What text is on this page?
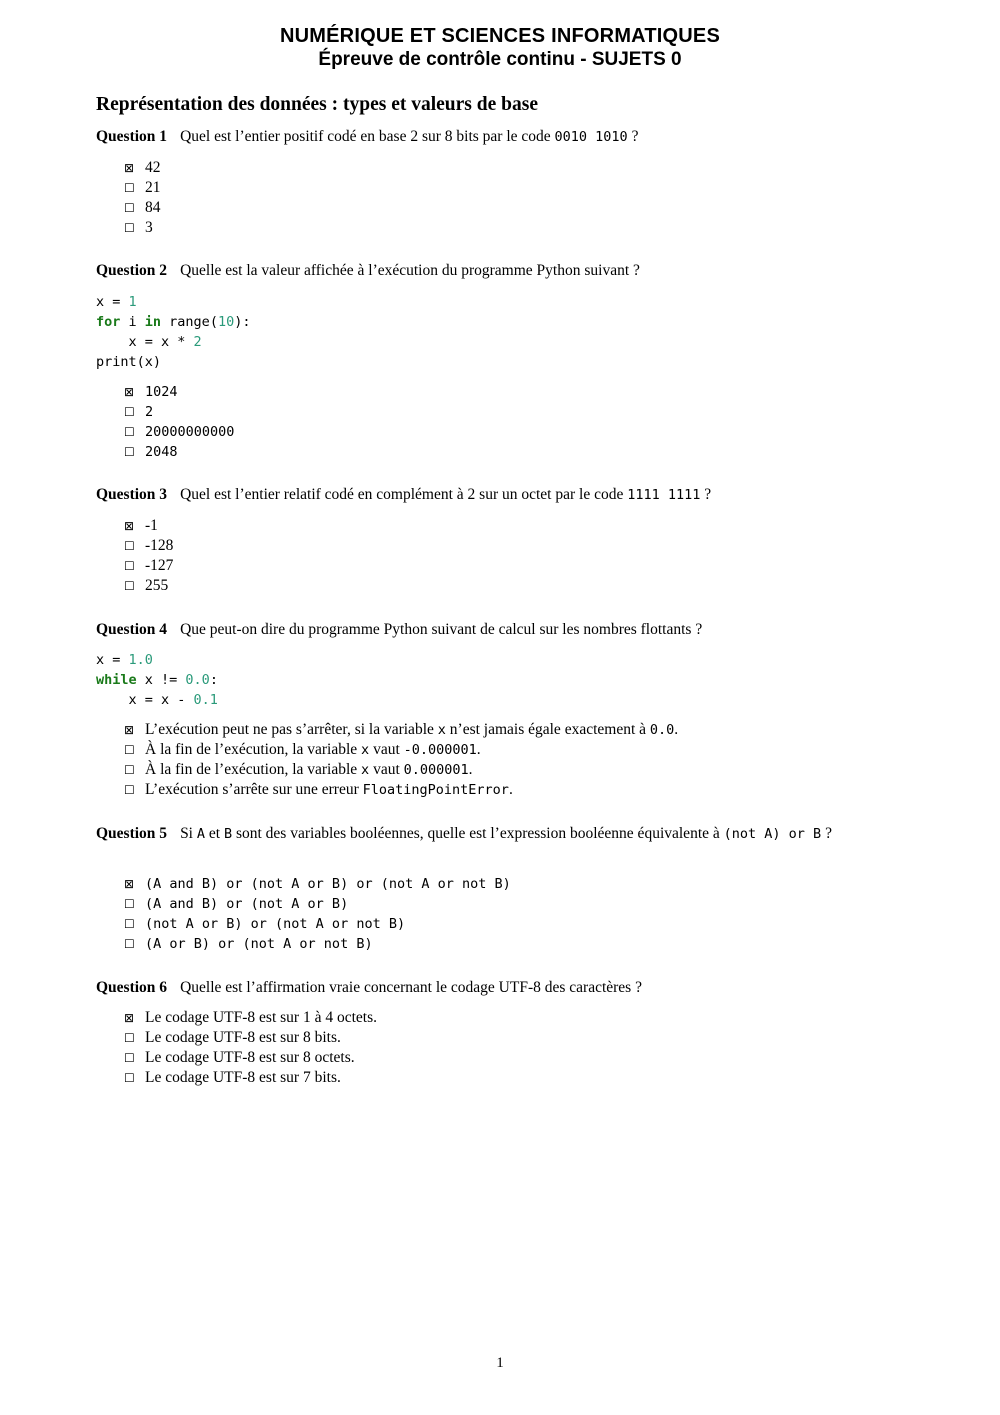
NUMÉRIQUE ET SCIENCES INFORMATIQUES
Épreuve de contrôle continu - SUJETS 0
Représentation des données : types et valeurs de base
Question 1 Quel est l’entier positif codé en base 2 sur 8 bits par le code 0010 1010 ?
⊠ 42
☐ 21
☐ 84
☐ 3
Question 2 Quelle est la valeur affichée à l’exécution du programme Python suivant ?
x = 1
for i in range(10):
x = x * 2
print(x)
⊠ 1024
☐ 2
☐ 20000000000
☐ 2048
Question 3 Quel est l’entier relatif codé en complément à 2 sur un octet par le code 1111 1111 ?
⊠ -1
☐ -128
☐ -127
☐ 255
Question 4 Que peut-on dire du programme Python suivant de calcul sur les nombres flottants ?
x = 1.0
while x != 0.0:
x = x - 0.1
⊠ L’exécution peut ne pas s’arrêter, si la variable x n’est jamais égale exactement à 0.0.
☐ À la fin de l’exécution, la variable x vaut -0.000001.
☐ À la fin de l’exécution, la variable x vaut 0.000001.
☐ L’exécution s’arrête sur une erreur FloatingPointError.
Question 5 Si A et B sont des variables booléennes, quelle est l’expression booléenne équivalente à (not A) or B ?
⊠ (A and B) or (not A or B) or (not A or not B)
☐ (A and B) or (not A or B)
☐ (not A or B) or (not A or not B)
☐ (A or B) or (not A or not B)
Question 6 Quelle est l’affirmation vraie concernant le codage UTF-8 des caractères ?
⊠ Le codage UTF-8 est sur 1 à 4 octets.
☐ Le codage UTF-8 est sur 8 bits.
☐ Le codage UTF-8 est sur 8 octets.
☐ Le codage UTF-8 est sur 7 bits.
1
